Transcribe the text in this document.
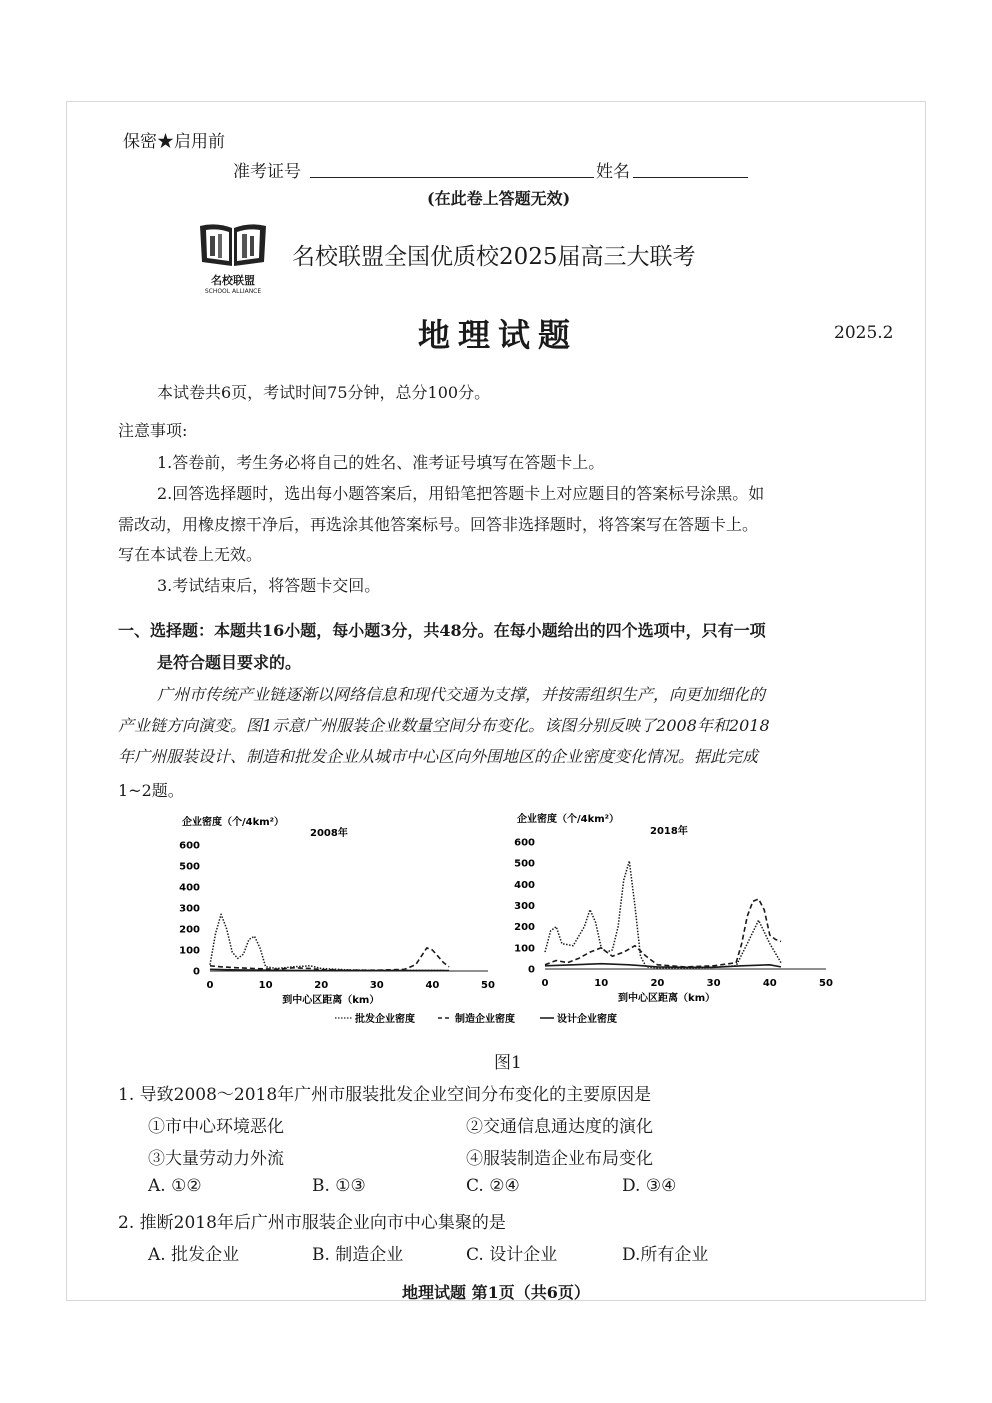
保密★启用前
准考证号	姓名
(在此卷上答题无效)
名校联盟
SCHOOL ALLIANCE
名校联盟全国优质校2025届高三大联考
地理试题	2025.2
本试卷共6页，考试时间75分钟，总分100分。
注意事项:
1.答卷前，考生务必将自己的姓名、准考证号填写在答题卡上。
2.回答选择题时，选出每小题答案后，用铅笔把答题卡上对应题目的答案标号涂黑。如
需改动，用橡皮擦干净后，再选涂其他答案标号。回答非选择题时，将答案写在答题卡上。
写在本试卷上无效。
3.考试结束后，将答题卡交回。
一、选择题：本题共16小题，每小题3分，共48分。在每小题给出的四个选项中，只有一项
是符合题目要求的。
广州市传统产业链逐渐以网络信息和现代交通为支撑，并按需组织生产，向更加细化的
产业链方向演变。图1示意广州服装企业数量空间分布变化。该图分别反映了2008年和2018
年广州服装设计、制造和批发企业从城市中心区向外围地区的企业密度变化情况。据此完成
1~2题。
企业密度（个/4km²）
2008年
0
100
200
300
400
500
600
0	10	20	30	40	50
到中心区距离（km）
企业密度（个/4km²）
2018年
0
100
200
300
400
500
600
0	10	20	30	40	50
到中心区距离（km）
批发企业密度	制造企业密度	设计企业密度
图1
1. 导致2008～2018年广州市服装批发企业空间分布变化的主要原因是
①市中心环境恶化	②交通信息通达度的演化
③大量劳动力外流	④服装制造企业布局变化
A. ①②	B. ①③	C. ②④	D. ③④
2. 推断2018年后广州市服装企业向市中心集聚的是
A. 批发企业	B. 制造企业	C. 设计企业	D.所有企业
地理试题 第1页（共6页）
